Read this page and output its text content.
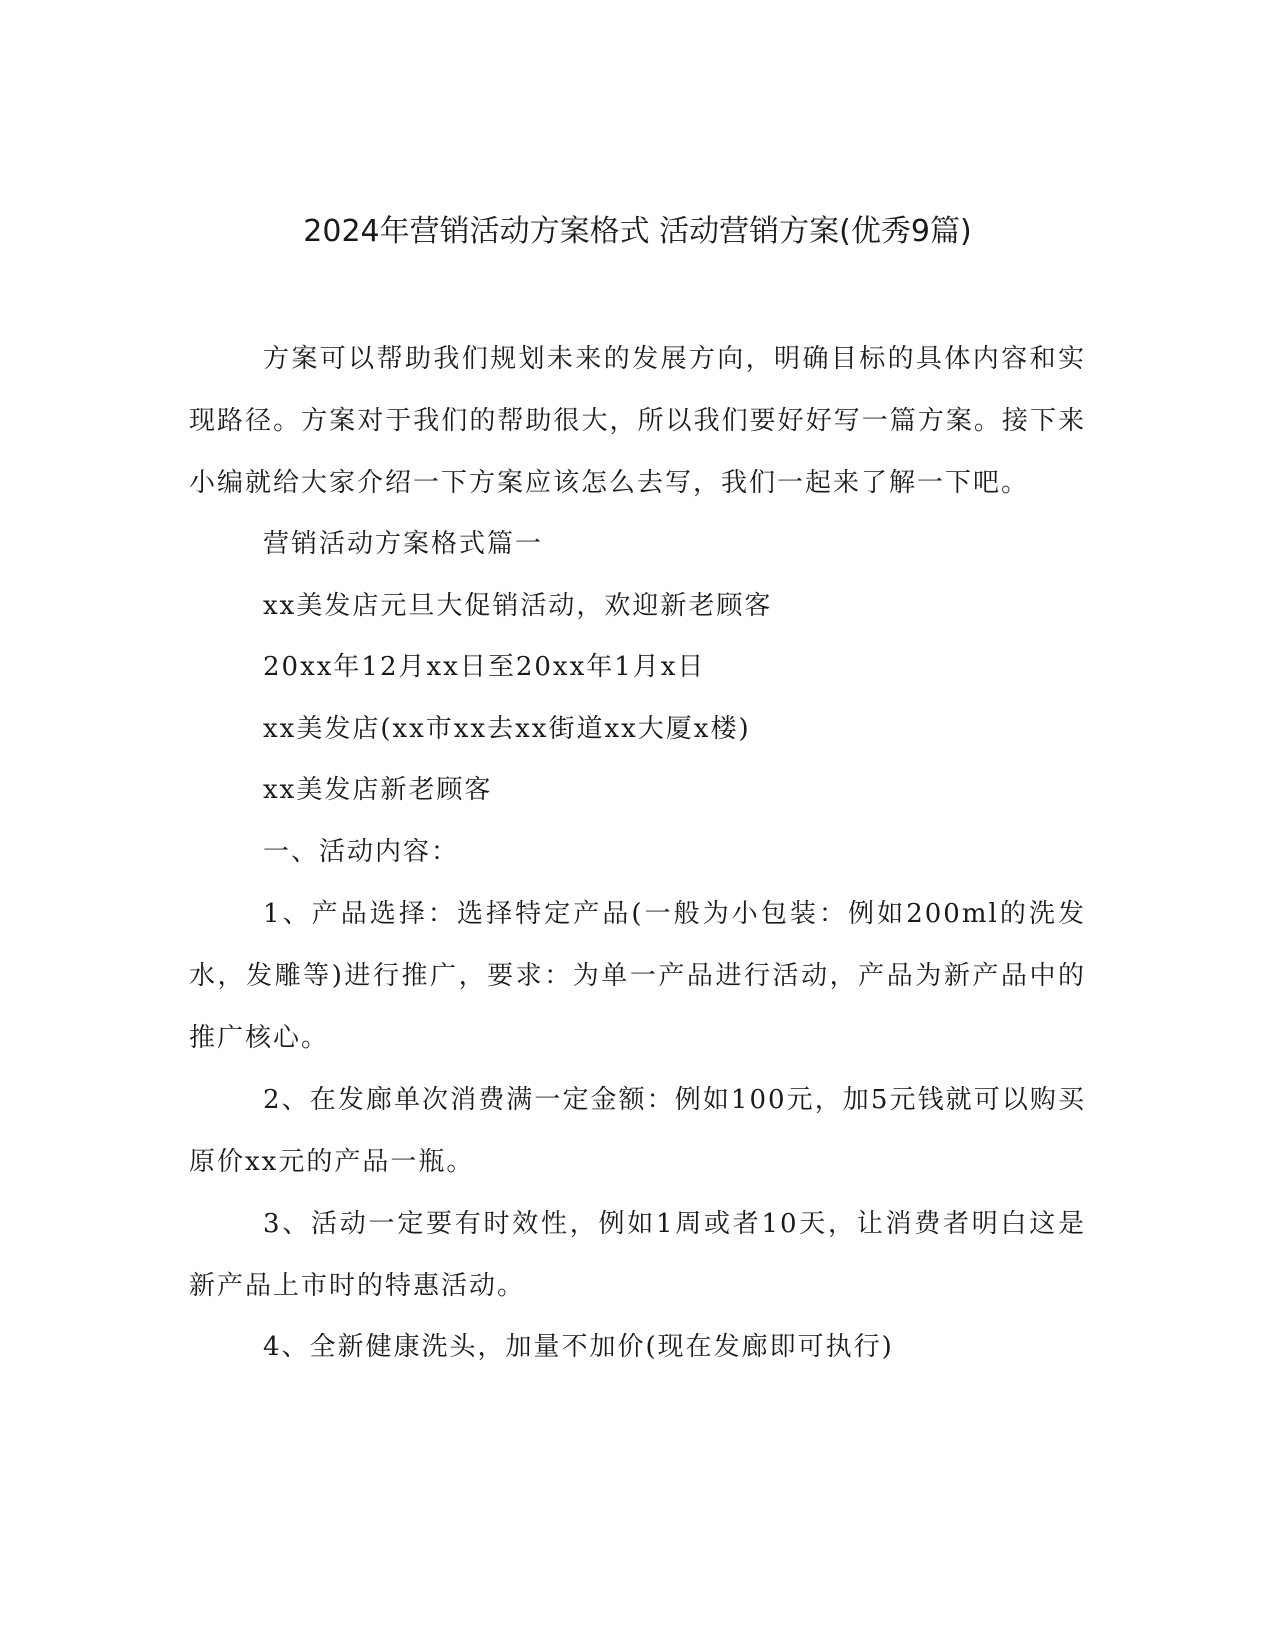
2024年营销活动方案格式 活动营销方案(优秀9篇)

方案可以帮助我们规划未来的发展方向，明确目标的具体内容和实现路径。方案对于我们的帮助很大，所以我们要好好写一篇方案。接下来小编就给大家介绍一下方案应该怎么去写，我们一起来了解一下吧。

营销活动方案格式篇一

xx美发店元旦大促销活动，欢迎新老顾客

20xx年12月xx日至20xx年1月x日

xx美发店(xx市xx去xx街道xx大厦x楼)

xx美发店新老顾客

一、活动内容：

1、产品选择：选择特定产品(一般为小包装：例如200ml的洗发水，发雕等)进行推广，要求：为单一产品进行活动，产品为新产品中的推广核心。

2、在发廊单次消费满一定金额：例如100元，加5元钱就可以购买原价xx元的产品一瓶。

3、活动一定要有时效性，例如1周或者10天，让消费者明白这是新产品上市时的特惠活动。

4、全新健康洗头，加量不加价(现在发廊即可执行)
